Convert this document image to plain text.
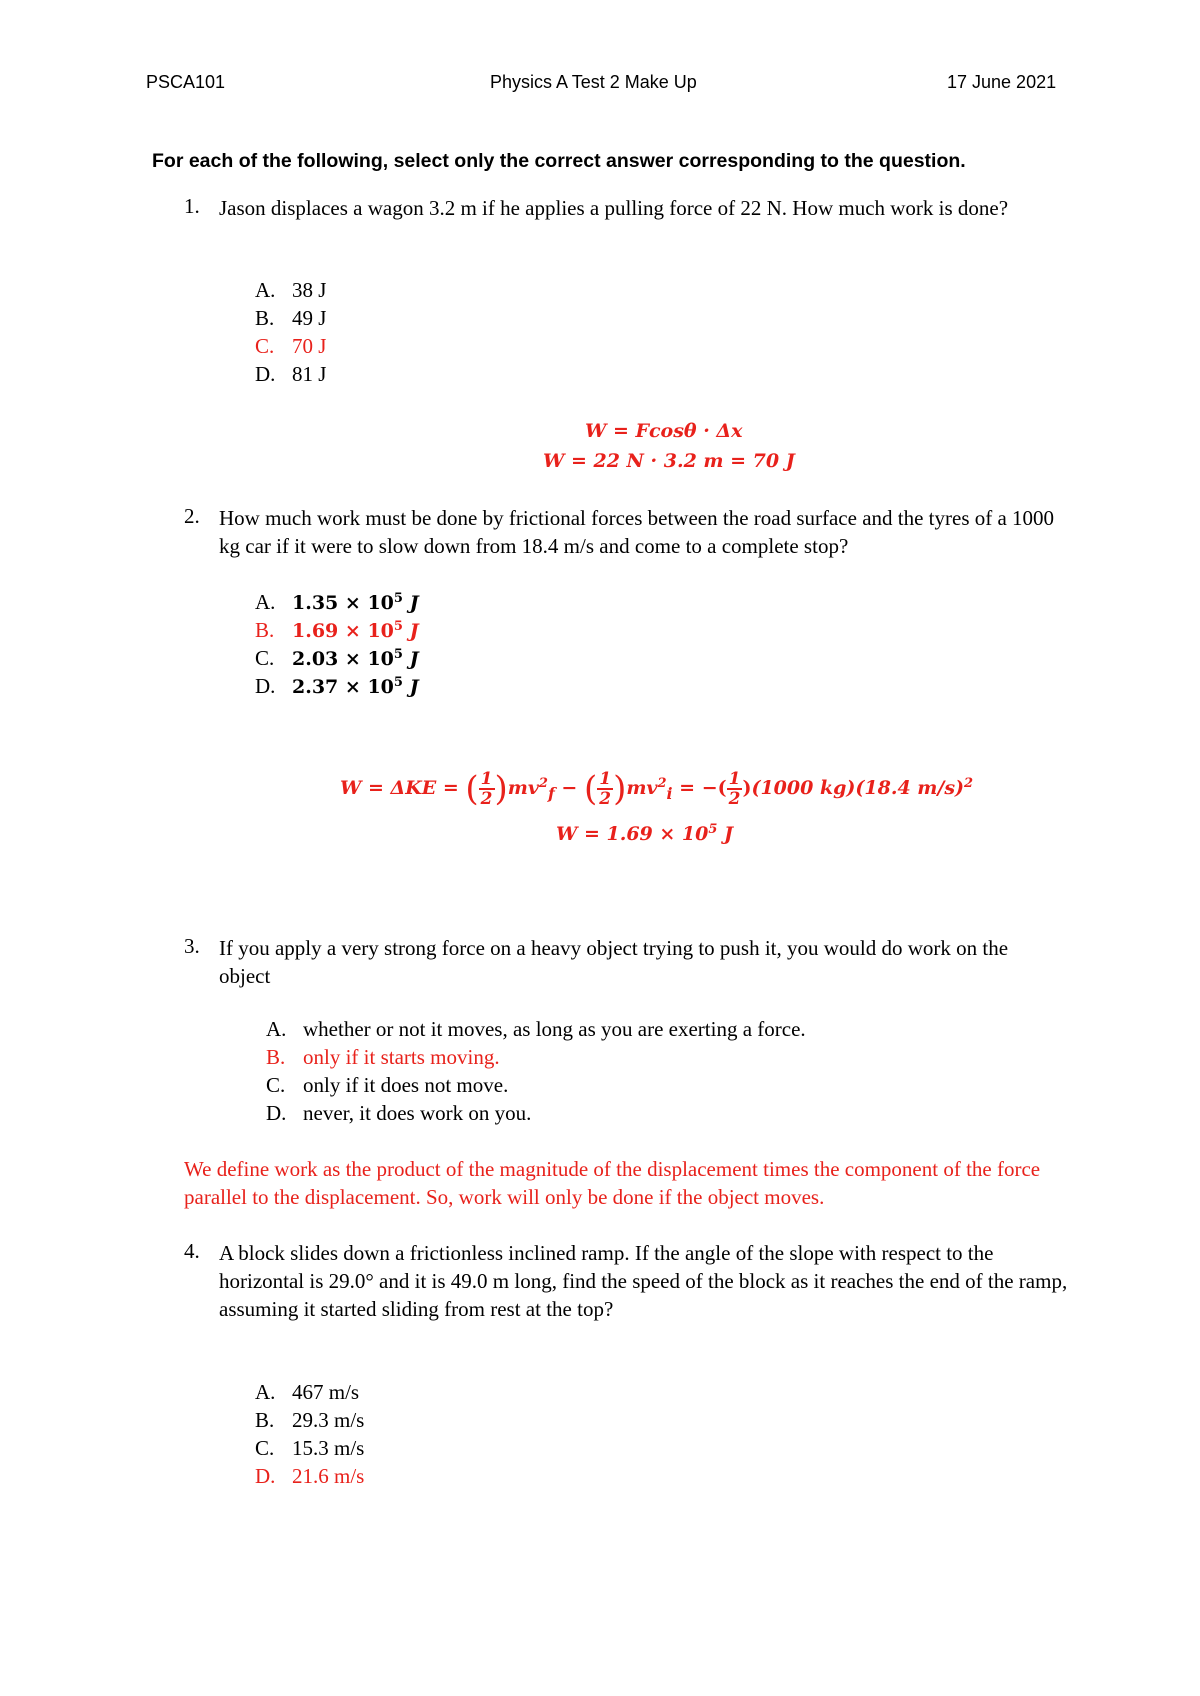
PSCA101	Physics A Test 2 Make Up	17 June 2021
For each of the following, select only the correct answer corresponding to the question.
1. Jason displaces a wagon 3.2 m if he applies a pulling force of 22 N. How much work is done?
A. 38 J
B. 49 J
C. 70 J
D. 81 J
W = Fcosθ · Δx
W = 22 N · 3.2 m = 70 J
2. How much work must be done by frictional forces between the road surface and the tyres of a 1000 kg car if it were to slow down from 18.4 m/s and come to a complete stop?
A. $1.35 \times 10^5$ J
B. $1.69 \times 10^5$ J
C. $2.03 \times 10^5$ J
D. $2.37 \times 10^5$ J
W = ΔKE = ( $\frac{1}{2} )mv^2_f$ − ( $\frac{1}{2} )mv^2_i$ = −( $\frac{1}{2} )(1000$ kg)(18.4 m/s)$^2$
$W = 1.69 \times 10^5$ J
3. If you apply a very strong force on a heavy object trying to push it, you would do work on the object
A. whether or not it moves, as long as you are exerting a force.
B. only if it starts moving.
C. only if it does not move.
D. never, it does work on you.
We define work as the product of the magnitude of the displacement times the component of the force parallel to the displacement. So, work will only be done if the object moves.
4. A block slides down a frictionless inclined ramp. If the angle of the slope with respect to the horizontal is 29.0° and it is 49.0 m long, find the speed of the block as it reaches the end of the ramp, assuming it started sliding from rest at the top?
A. 467 m/s
B. 29.3 m/s
C. 15.3 m/s
D. 21.6 m/s
